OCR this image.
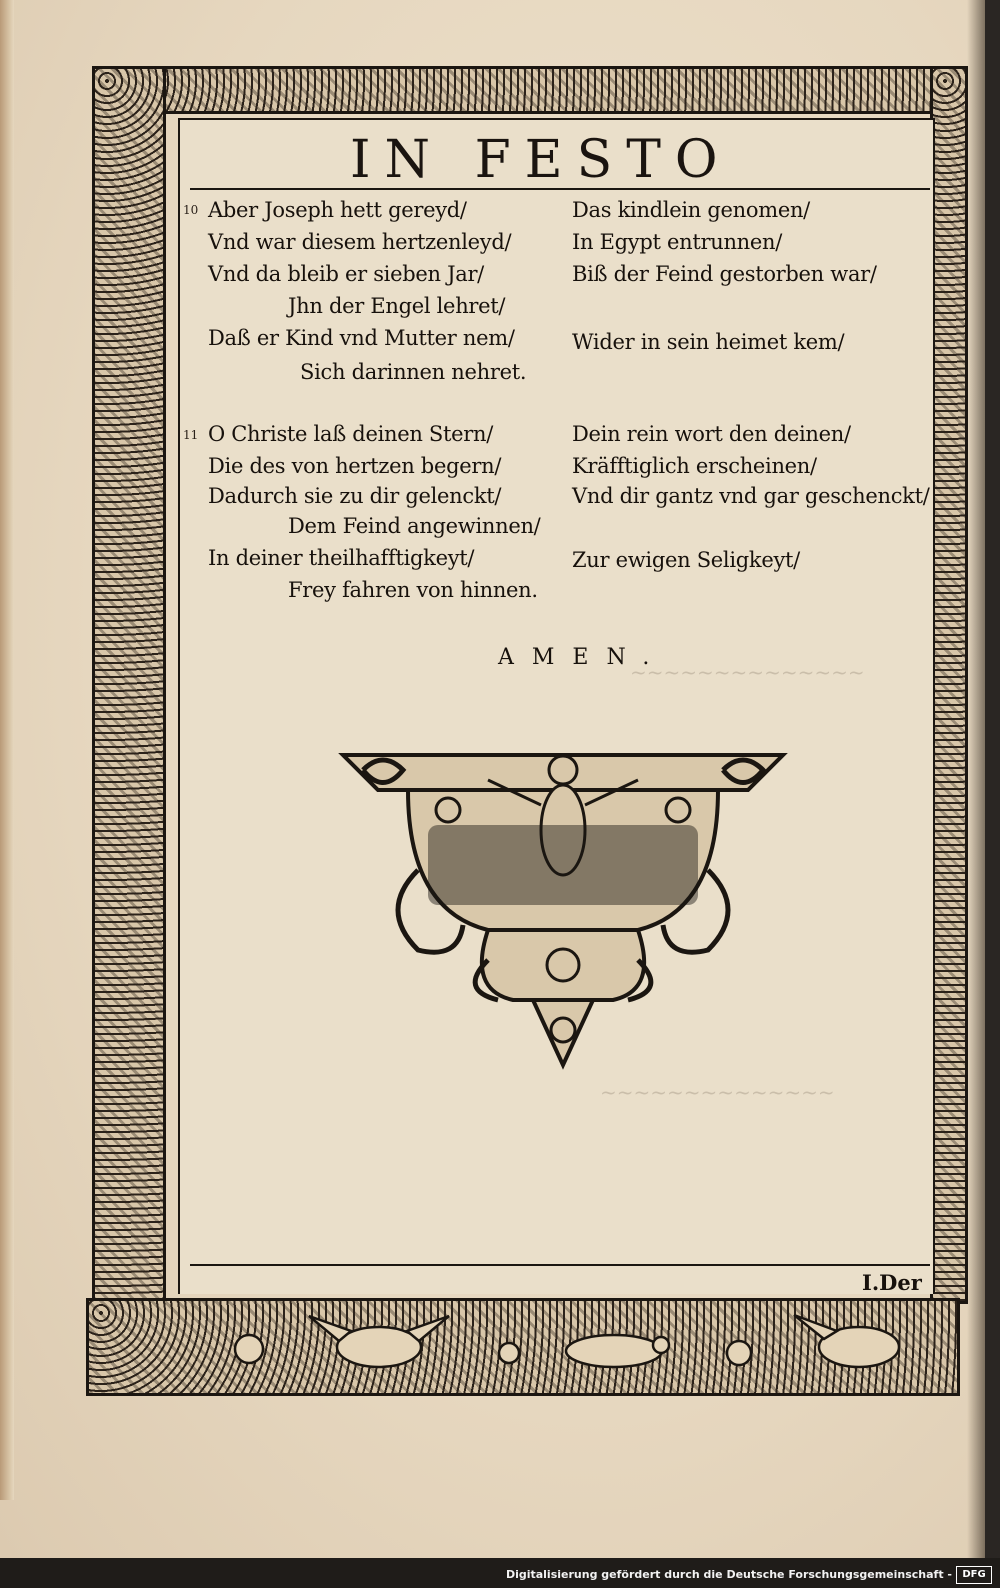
~~~~~~~~~~~~~~
~~~~~~~~~~~~~~
IN FESTO
10 Aber Joseph hett gereyd/	Das kindlein genomen/
Vnd war diesem hertzenleyd/	In Egypt entrunnen/
Vnd da bleib er sieben Jar/	Biß der Feind gestorben war/
Jhn der Engel lehret/
Daß er Kind vnd Mutter nem/	Wider in sein heimet kem/
Sich darinnen nehret.
11 O Christe laß deinen Stern/	Dein rein wort den deinen/
Die des von hertzen begern/	Kräfftiglich erscheinen/
Dadurch sie zu dir gelenckt/	Vnd dir gantz vnd gar geschenckt/
Dem Feind angewinnen/
In deiner theilhafftigkeyt/	Zur ewigen Seligkeyt/
Frey fahren von hinnen.
AMEN.
I.Der
Digitalisierung gefördert durch die Deutsche Forschungsgemeinschaft -	DFG
